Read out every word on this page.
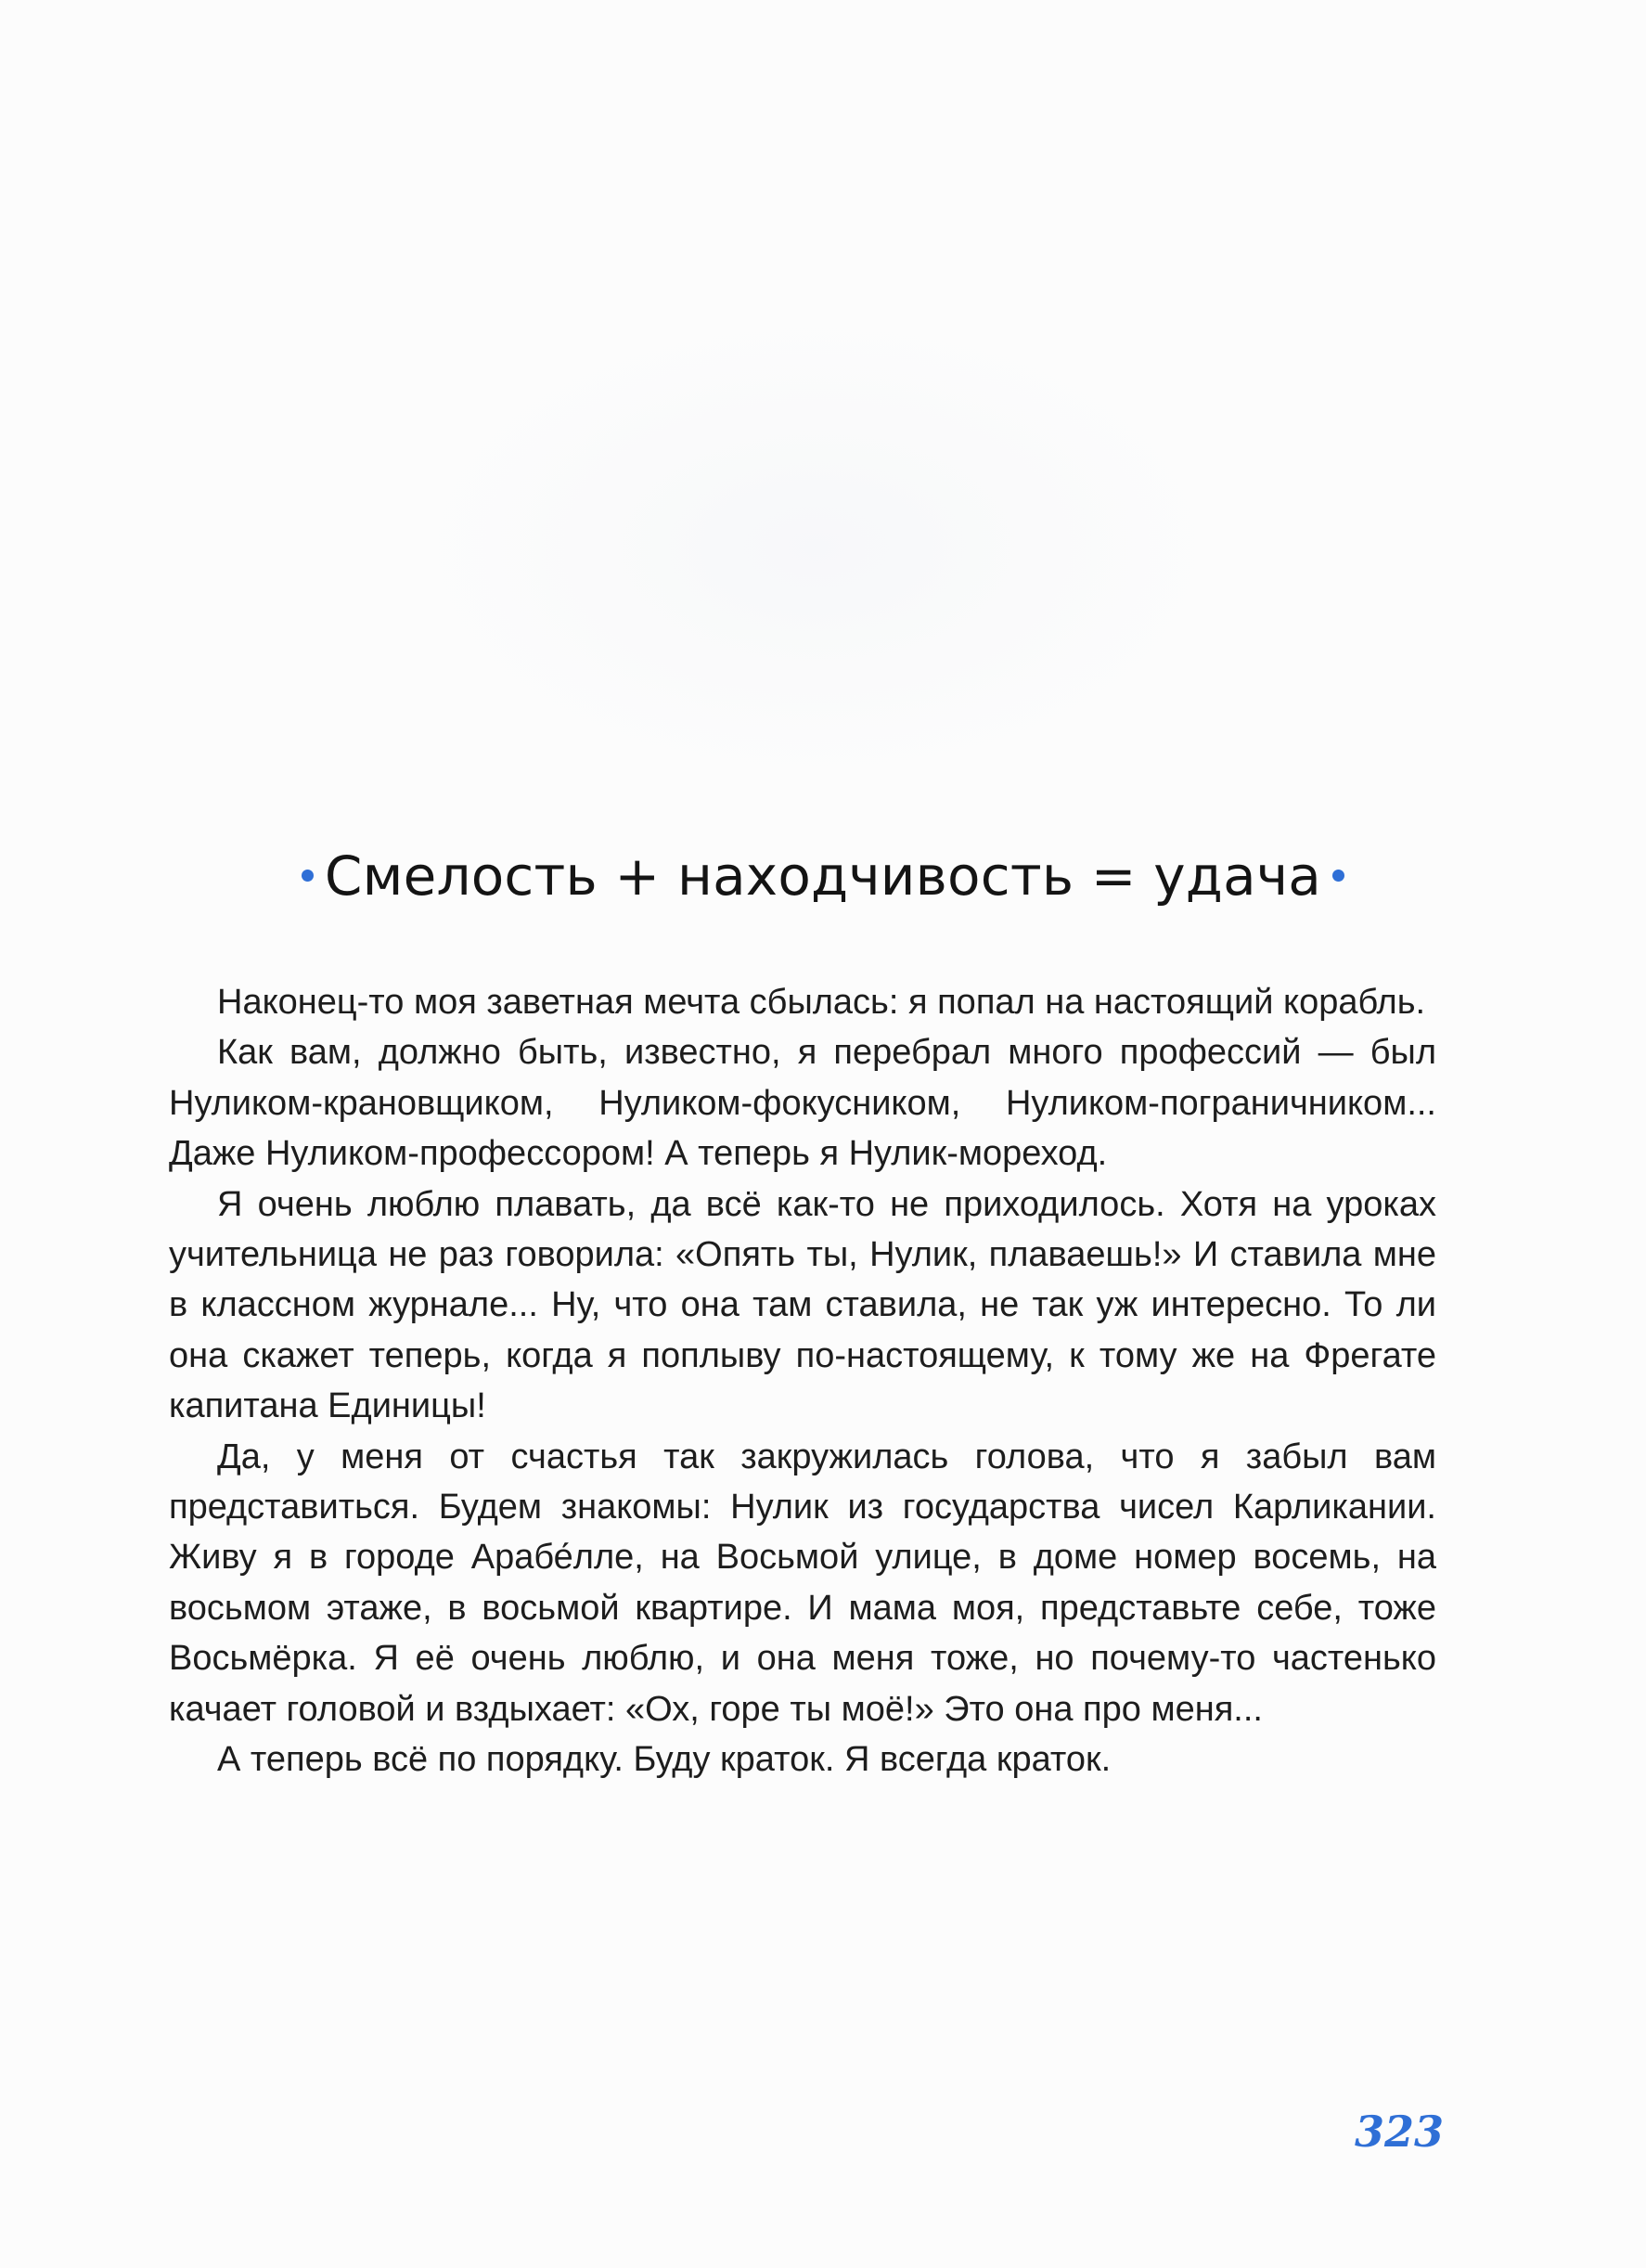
Смелость + находчивость = удача

Наконец-то моя заветная мечта сбылась: я попал на настоящий корабль.

Как вам, должно быть, известно, я перебрал много профессий — был Нуликом-крановщиком, Нуликом-фокусником, Нуликом-пограничником... Даже Нуликом-профессором! А теперь я Нулик-мореход.

Я очень люблю плавать, да всё как-то не приходилось. Хотя на уроках учительница не раз говорила: «Опять ты, Нулик, плаваешь!» И ставила мне в классном журнале... Ну, что она там ставила, не так уж интересно. То ли она скажет теперь, когда я поплыву по-настоящему, к тому же на Фрегате капитана Единицы!

Да, у меня от счастья так закружилась голова, что я забыл вам представиться. Будем знакомы: Нулик из государства чисел Карликании. Живу я в городе Арабе́лле, на Восьмой улице, в доме номер восемь, на восьмом этаже, в восьмой квартире. И мама моя, представьте себе, тоже Восьмёрка. Я её очень люблю, и она меня тоже, но почему-то частенько качает головой и вздыхает: «Ох, горе ты моё!» Это она про меня...

А теперь всё по порядку. Буду краток. Я всегда краток.

323
